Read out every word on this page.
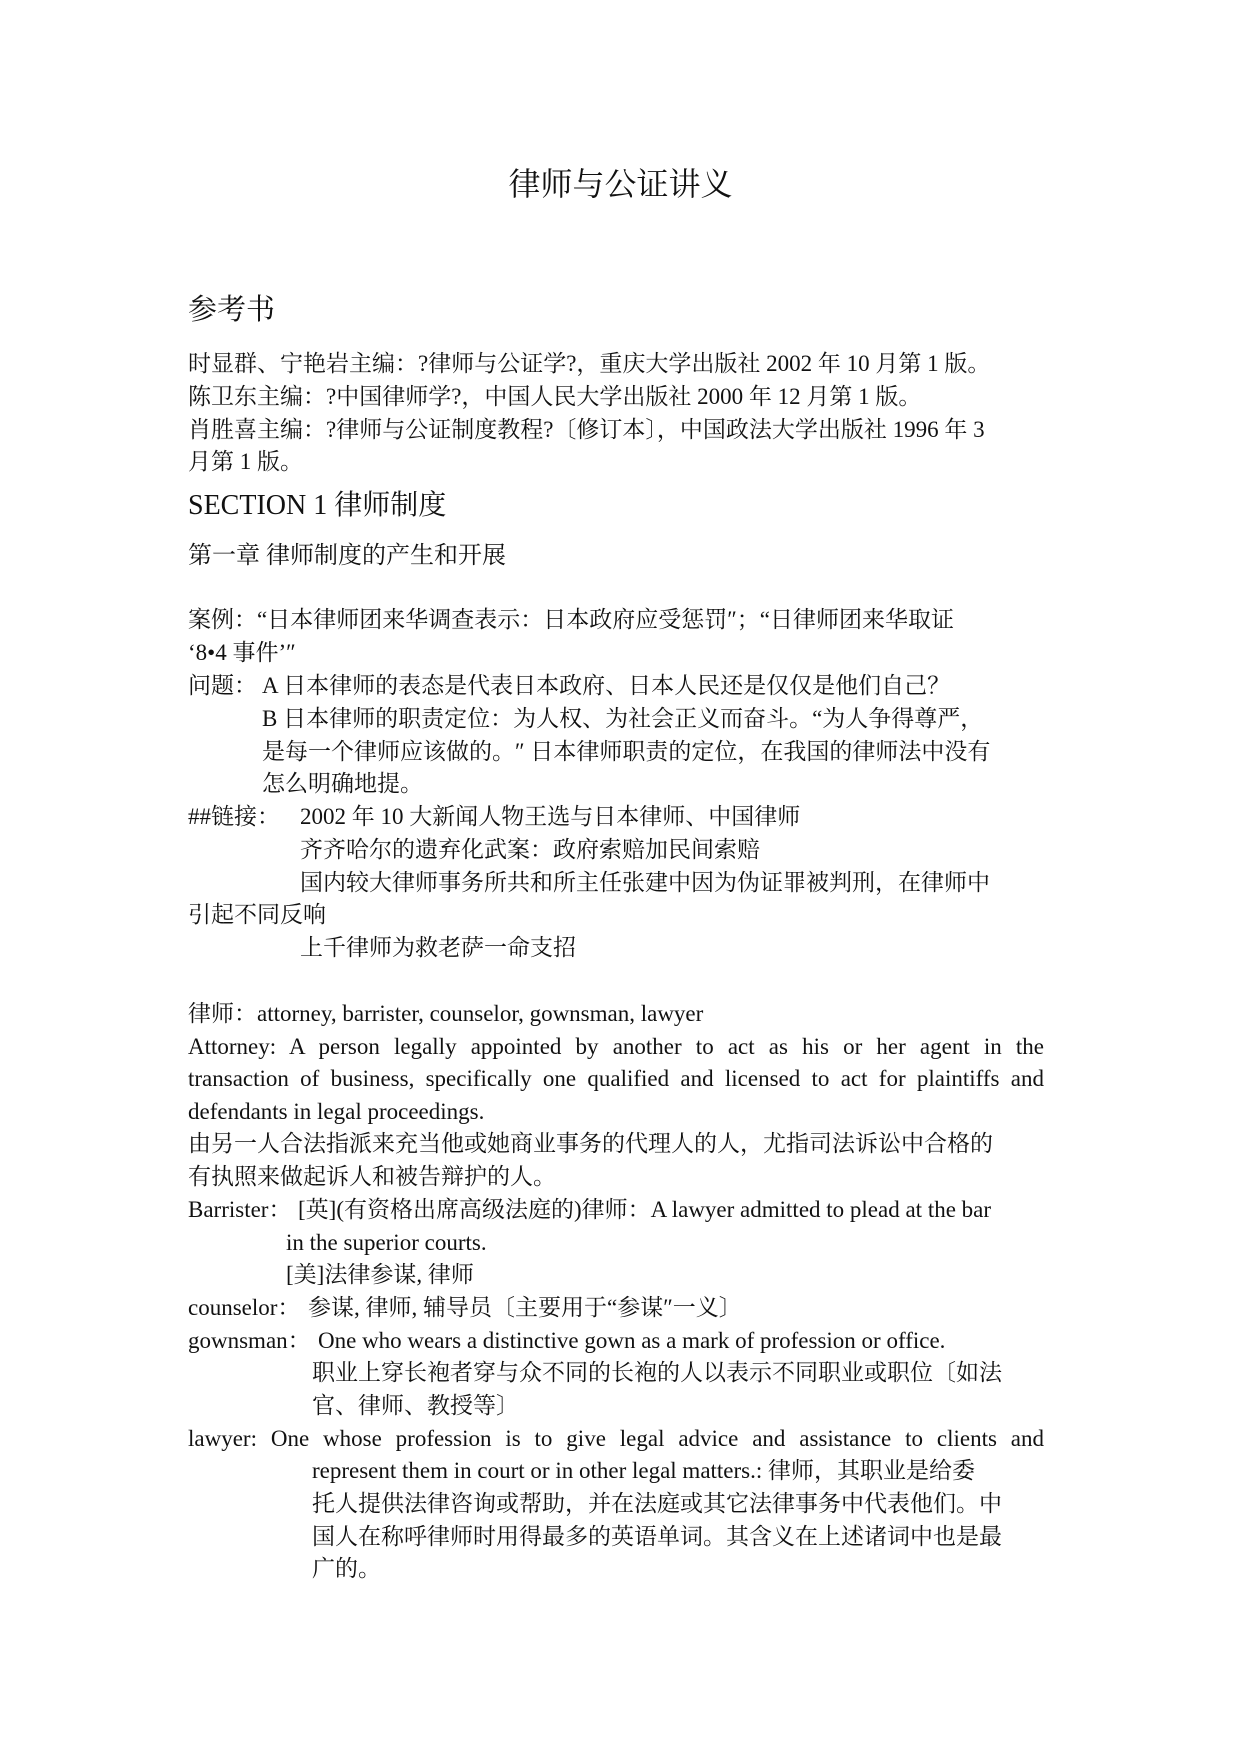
律师与公证讲义
参考书
时显群、宁艳岩主编：?律师与公证学?，重庆大学出版社 2002 年 10 月第 1 版。
陈卫东主编：?中国律师学?，中国人民大学出版社 2000 年 12 月第 1 版。
肖胜喜主编：?律师与公证制度教程?〔修订本〕，中国政法大学出版社 1996 年 3
月第 1 版。
SECTION 1 律师制度
第一章 律师制度的产生和开展
案例：“日本律师团来华调查表示：日本政府应受惩罚″；“日律师团来华取证
‘8•4 事件’″
问题： A 日本律师的表态是代表日本政府、日本人民还是仅仅是他们自己？
B 日本律师的职责定位：为人权、为社会正义而奋斗。“为人争得尊严，
是每一个律师应该做的。″ 日本律师职责的定位，在我国的律师法中没有
怎么明确地提。
##链接： 2002 年 10 大新闻人物王选与日本律师、中国律师
齐齐哈尔的遗弃化武案：政府索赔加民间索赔
国内较大律师事务所共和所主任张建中因为伪证罪被判刑，在律师中
引起不同反响
上千律师为救老萨一命支招
律师：attorney, barrister, counselor, gownsman, lawyer
Attorney: A person legally appointed by another to act as his or her agent in the
transaction of business, specifically one qualified and licensed to act for plaintiffs and
defendants in legal proceedings.
由另一人合法指派来充当他或她商业事务的代理人的人，尤指司法诉讼中合格的
有执照来做起诉人和被告辩护的人。
Barrister： [英](有资格出席高级法庭的)律师：A lawyer admitted to plead at the bar
in the superior courts.
[美]法律参谋, 律师
counselor： 参谋, 律师, 辅导员〔主要用于“参谋″一义〕
gownsman： One who wears a distinctive gown as a mark of profession or office.
职业上穿长袍者穿与众不同的长袍的人以表示不同职业或职位〔如法
官、律师、教授等〕
lawyer: One whose profession is to give legal advice and assistance to clients and
represent them in court or in other legal matters.: 律师，其职业是给委
托人提供法律咨询或帮助，并在法庭或其它法律事务中代表他们。中
国人在称呼律师时用得最多的英语单词。其含义在上述诸词中也是最
广的。
